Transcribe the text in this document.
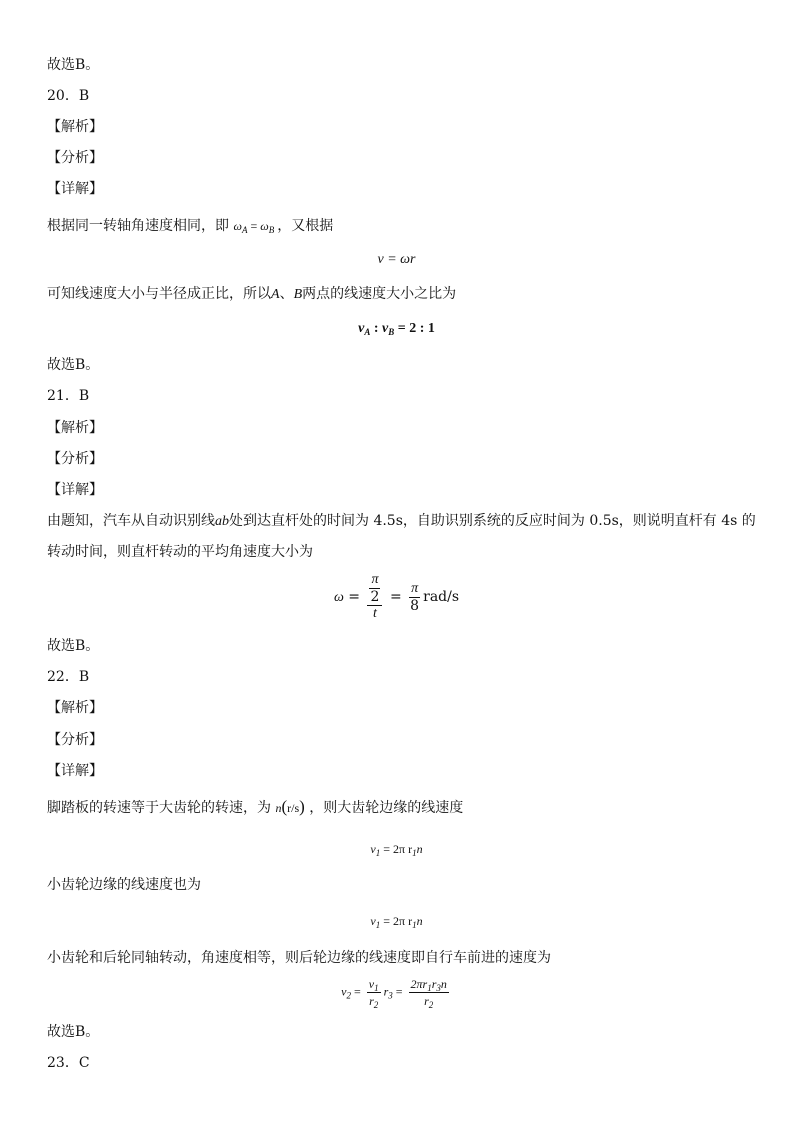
故选B。
20．B
【解析】
【分析】
【详解】
根据同一转轴角速度相同，即 $\omega_A = \omega_B$ ，又根据
v = ωr
可知线速度大小与半径成正比，所以A、B两点的线速度大小之比为
$v_A$ : $v_B = 2$ : 1
故选B。
21．B
【解析】
【分析】
【详解】
由题知，汽车从自动识别线ab处到达直杆处的时间为 4.5s，自助识别系统的反应时间为 0.5s，则说明直杆有 4s 的
转动时间，则直杆转动的平均角速度大小为
$\omega = \frac{\frac{\pi}{2}}{t} = \frac{\pi}{8} rad/s$
故选B。
22．B
【解析】
【分析】
【详解】
脚踏板的转速等于大齿轮的转速，为 n(r/s) ，则大齿轮边缘的线速度
$v_1 = 2\pi$ $r_1n$
小齿轮边缘的线速度也为
$v_1 = 2\pi$ $r_1n$
小齿轮和后轮同轴转动，角速度相等，则后轮边缘的线速度即自行车前进的速度为
$v_2 = \frac{v_1}{r_2} r_3 = \frac{2\pi r_1r_3n}{r_2}$
故选B。
23．C
